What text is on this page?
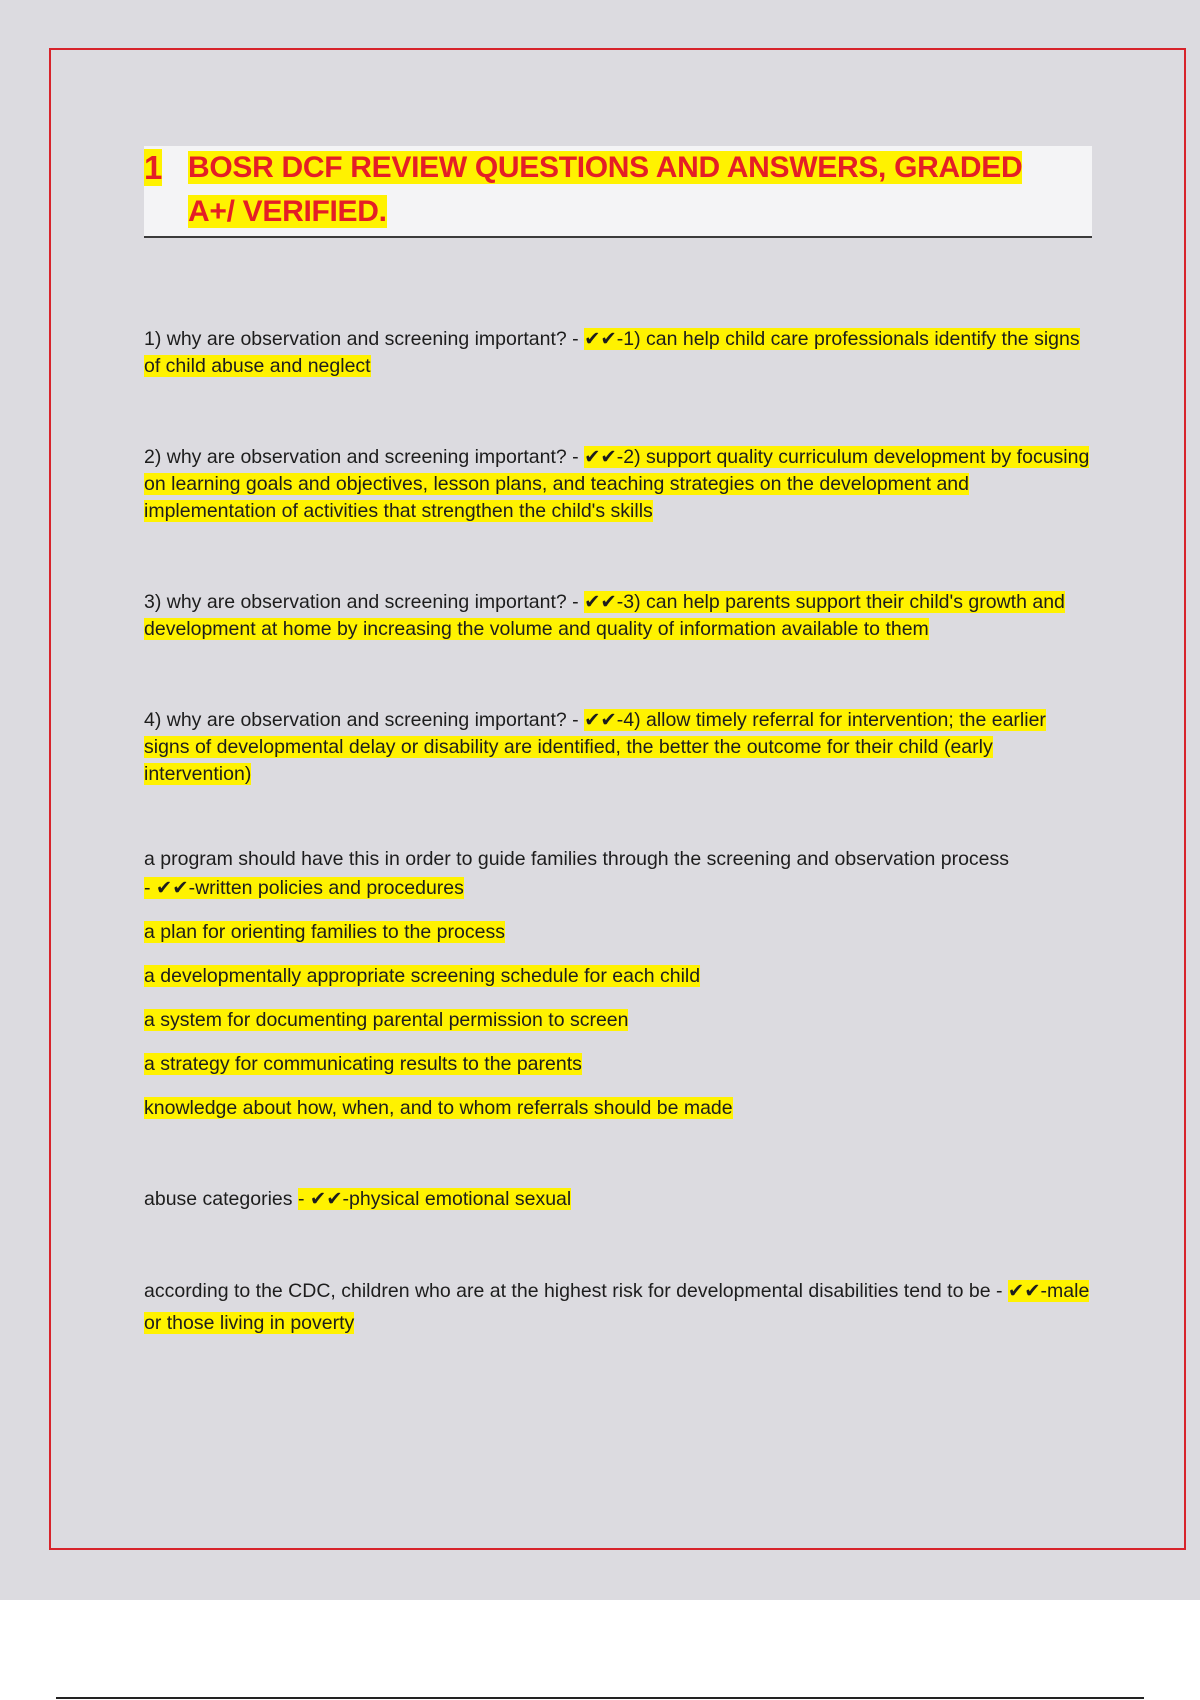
1 BOSR DCF REVIEW QUESTIONS AND ANSWERS, GRADED A+/ VERIFIED.

1) why are observation and screening important? - ✔✔-1) can help child care professionals identify the signs of child abuse and neglect

2) why are observation and screening important? - ✔✔-2) support quality curriculum development by focusing on learning goals and objectives, lesson plans, and teaching strategies on the development and implementation of activities that strengthen the child's skills

3) why are observation and screening important? - ✔✔-3) can help parents support their child's growth and development at home by increasing the volume and quality of information available to them

4) why are observation and screening important? - ✔✔-4) allow timely referral for intervention; the earlier signs of developmental delay or disability are identified, the better the outcome for their child (early intervention)

a program should have this in order to guide families through the screening and observation process

- ✔✔-written policies and procedures

a plan for orienting families to the process

a developmentally appropriate screening schedule for each child

a system for documenting parental permission to screen

a strategy for communicating results to the parents

knowledge about how, when, and to whom referrals should be made

abuse categories - ✔✔-physical emotional sexual

according to the CDC, children who are at the highest risk for developmental disabilities tend to be - ✔✔-male or those living in poverty
